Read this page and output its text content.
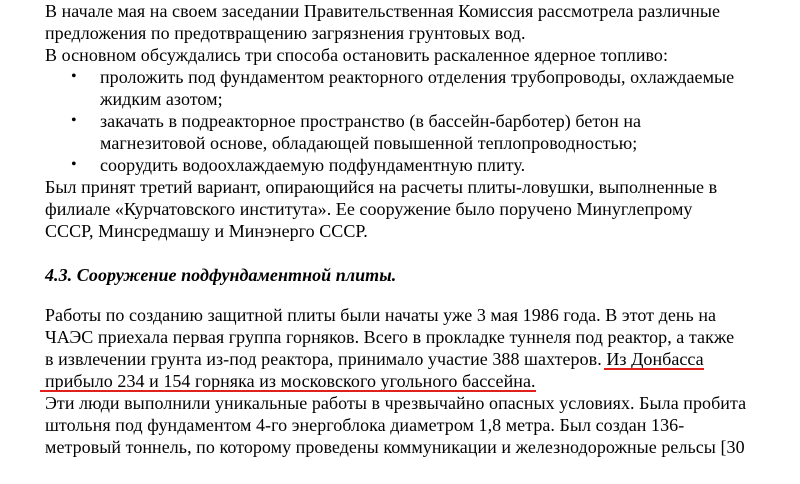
В начале мая на своем заседании Правительственная Комиссия рассмотрела различные
предложения по предотвращению загрязнения грунтовых вод.
В основном обсуждались три способа остановить раскаленное ядерное топливо:
• проложить под фундаментом реакторного отделения трубопроводы, охлаждаемые
жидким азотом;
• закачать в подреакторное пространство (в бассейн-барботер) бетон на
магнезитовой основе, обладающей повышенной теплопроводностью;
• соорудить водоохлаждаемую подфундаментную плиту.
Был принят третий вариант, опирающийся на расчеты плиты-ловушки, выполненные в
филиале «Курчатовского института». Ее сооружение было поручено Минуглепрому
СССР, Минсредмашу и Минэнерго СССР.
4.3. Сооружение подфундаментной плиты.
Работы по созданию защитной плиты были начаты уже 3 мая 1986 года. В этот день на
ЧАЭС приехала первая группа горняков. Всего в прокладке туннеля под реактор, а также
в извлечении грунта из-под реактора, принимало участие 388 шахтеров. Из Донбасса
прибыло 234 и 154 горняка из московского угольного бассейна.
Эти люди выполнили уникальные работы в чрезвычайно опасных условиях. Была пробита
штольня под фундаментом 4-го энергоблока диаметром 1,8 метра. Был создан 136-
метровый тоннель, по которому проведены коммуникации и железнодорожные рельсы [30
